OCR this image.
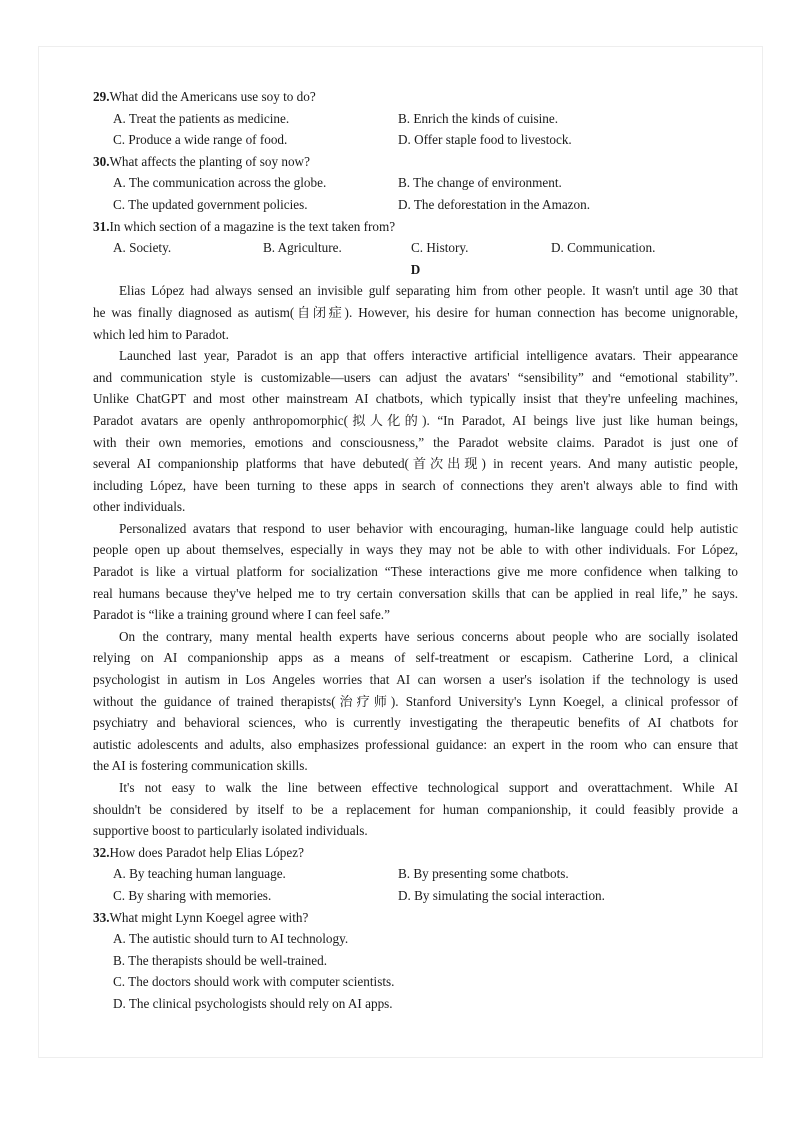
29.What did the Americans use soy to do?
A. Treat the patients as medicine.	B. Enrich the kinds of cuisine.
C. Produce a wide range of food.	D. Offer staple food to livestock.
30.What affects the planting of soy now?
A. The communication across the globe.	B. The change of environment.
C. The updated government policies.	D. The deforestation in the Amazon.
31.In which section of a magazine is the text taken from?
A. Society.	B. Agriculture.	C. History.	D. Communication.
D
Elias López had always sensed an invisible gulf separating him from other people. It wasn't until age 30 that
he was finally diagnosed as autism(自闭症). However, his desire for human connection has become unignorable,
which led him to Paradot.
Launched last year, Paradot is an app that offers interactive artificial intelligence avatars. Their appearance
and communication style is customizable—users can adjust the avatars' “sensibility” and “emotional stability”.
Unlike ChatGPT and most other mainstream AI chatbots, which typically insist that they're unfeeling machines,
Paradot avatars are openly anthropomorphic(拟人化的). “In Paradot, AI beings live just like human beings,
with their own memories, emotions and consciousness,” the Paradot website claims. Paradot is just one of
several AI companionship platforms that have debuted(首次出现) in recent years. And many autistic people,
including López, have been turning to these apps in search of connections they aren't always able to find with
other individuals.
Personalized avatars that respond to user behavior with encouraging, human-like language could help autistic
people open up about themselves, especially in ways they may not be able to with other individuals. For López,
Paradot is like a virtual platform for socialization “These interactions give me more confidence when talking to
real humans because they've helped me to try certain conversation skills that can be applied in real life,” he says.
Paradot is “like a training ground where I can feel safe.”
On the contrary, many mental health experts have serious concerns about people who are socially isolated
relying on AI companionship apps as a means of self-treatment or escapism. Catherine Lord, a clinical
psychologist in autism in Los Angeles worries that AI can worsen a user's isolation if the technology is used
without the guidance of trained therapists(治疗师). Stanford University's Lynn Koegel, a clinical professor of
psychiatry and behavioral sciences, who is currently investigating the therapeutic benefits of AI chatbots for
autistic adolescents and adults, also emphasizes professional guidance: an expert in the room who can ensure that
the AI is fostering communication skills.
It's not easy to walk the line between effective technological support and overattachment. While AI
shouldn't be considered by itself to be a replacement for human companionship, it could feasibly provide a
supportive boost to particularly isolated individuals.
32.How does Paradot help Elias López?
A. By teaching human language.	B. By presenting some chatbots.
C. By sharing with memories.	D. By simulating the social interaction.
33.What might Lynn Koegel agree with?
A. The autistic should turn to AI technology.
B. The therapists should be well-trained.
C. The doctors should work with computer scientists.
D. The clinical psychologists should rely on AI apps.
